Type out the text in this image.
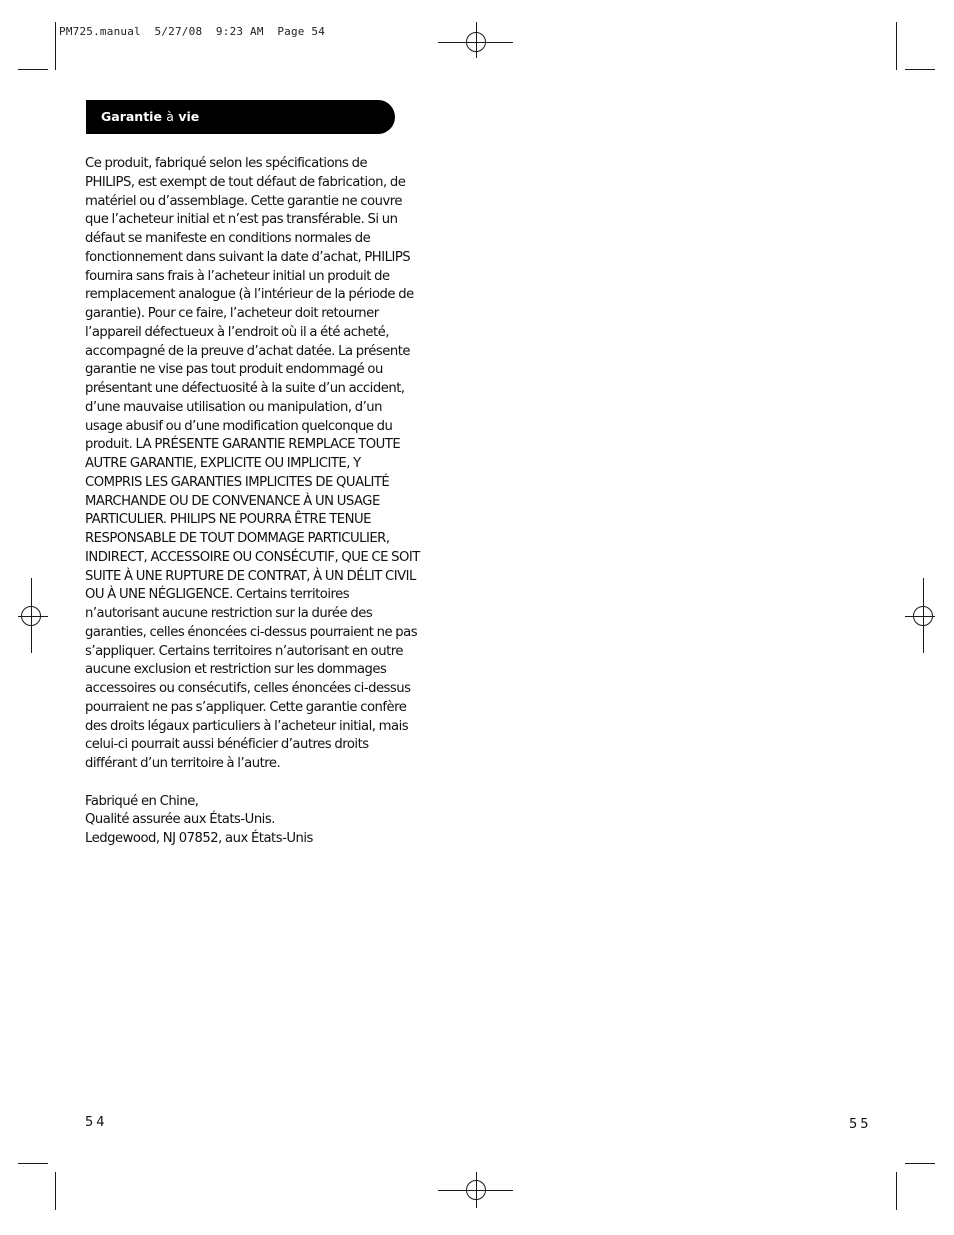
PM725.manual  5/27/08  9:23 AM  Page 54
Garantie à vie
Ce produit, fabriqué selon les spécifications de
PHILIPS, est exempt de tout défaut de fabrication, de
matériel ou d’assemblage. Cette garantie ne couvre
que l’acheteur initial et n’est pas transférable. Si un
défaut se manifeste en conditions normales de
fonctionnement dans suivant la date d’achat, PHILIPS
fournira sans frais à l’acheteur initial un produit de
remplacement analogue (à l’intérieur de la période de
garantie). Pour ce faire, l’acheteur doit retourner
l’appareil défectueux à l’endroit où il a été acheté,
accompagné de la preuve d’achat datée. La présente
garantie ne vise pas tout produit endommagé ou
présentant une défectuosité à la suite d’un accident,
d’une mauvaise utilisation ou manipulation, d’un
usage abusif ou d’une modification quelconque du
produit. LA PRÉSENTE GARANTIE REMPLACE TOUTE
AUTRE GARANTIE, EXPLICITE OU IMPLICITE, Y
COMPRIS LES GARANTIES IMPLICITES DE QUALITÉ
MARCHANDE OU DE CONVENANCE À UN USAGE
PARTICULIER. PHILIPS NE POURRA ÊTRE TENUE
RESPONSABLE DE TOUT DOMMAGE PARTICULIER,
INDIRECT, ACCESSOIRE OU CONSÉCUTIF, QUE CE SOIT
SUITE À UNE RUPTURE DE CONTRAT, À UN DÉLIT CIVIL
OU À UNE NÉGLIGENCE. Certains territoires
n’autorisant aucune restriction sur la durée des
garanties, celles énoncées ci-dessus pourraient ne pas
s’appliquer. Certains territoires n’autorisant en outre
aucune exclusion et restriction sur les dommages
accessoires ou consécutifs, celles énoncées ci-dessus
pourraient ne pas s’appliquer. Cette garantie confère
des droits légaux particuliers à l’acheteur initial, mais
celui-ci pourrait aussi bénéficier d’autres droits
différant d’un territoire à l’autre.
Fabriqué en Chine,
Qualité assurée aux États-Unis.
Ledgewood, NJ 07852, aux États-Unis
54	55
